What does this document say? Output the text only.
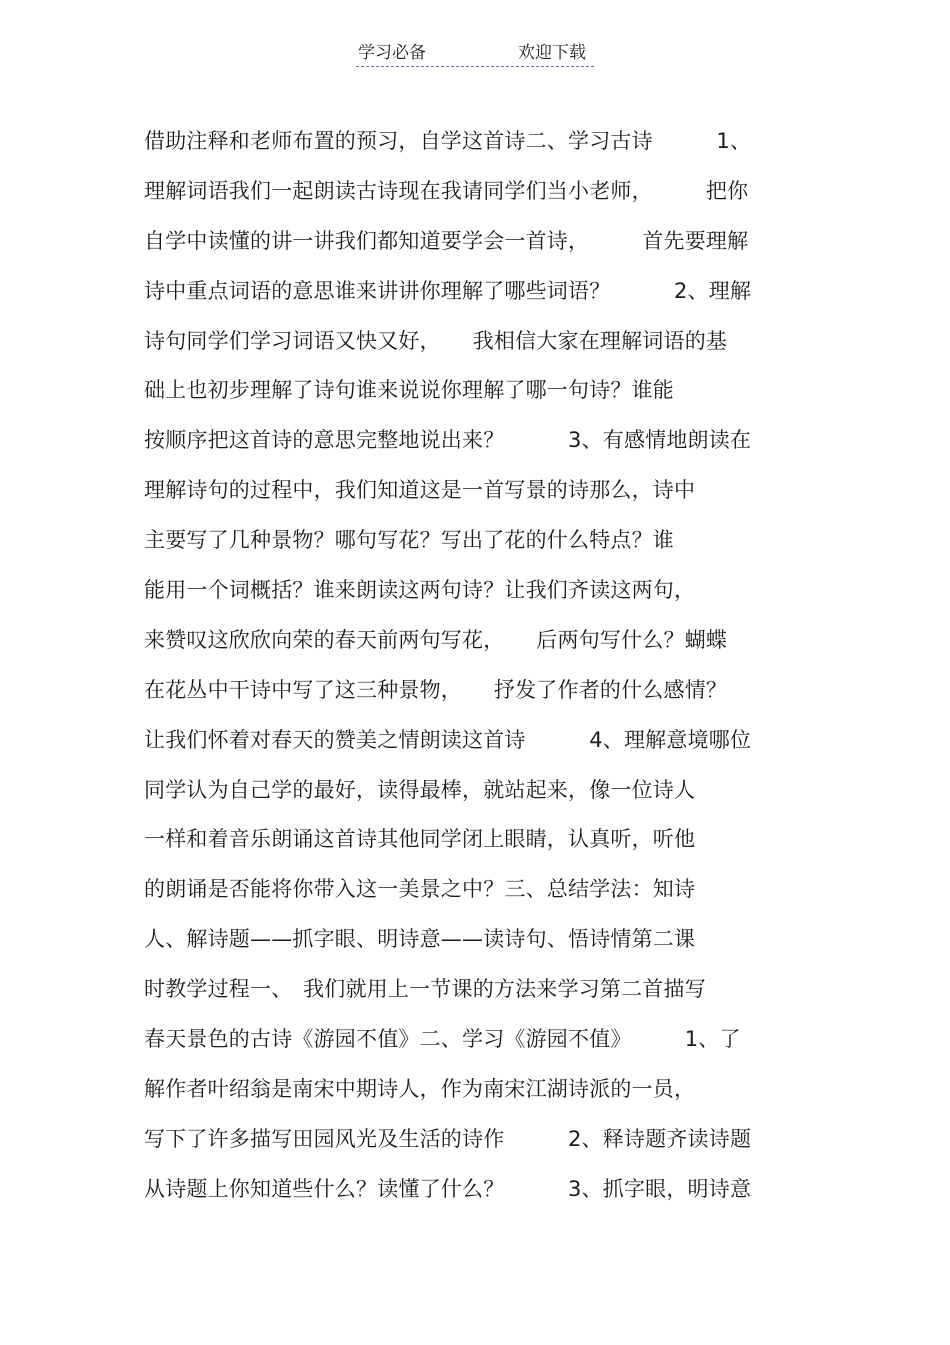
学习必备	欢迎下载
借助注释和老师布置的预习，自学这首诗二、学习古诗　　　1、
理解词语我们一起朗读古诗现在我请同学们当小老师，　　　把你
自学中读懂的讲一讲我们都知道要学会一首诗，　　　首先要理解
诗中重点词语的意思谁来讲讲你理解了哪些词语？　　　2、理解
诗句同学们学习词语又快又好，　　我相信大家在理解词语的基
础上也初步理解了诗句谁来说说你理解了哪一句诗？谁能
按顺序把这首诗的意思完整地说出来？　　　3、有感情地朗读在
理解诗句的过程中，我们知道这是一首写景的诗那么，诗中
主要写了几种景物？哪句写花？写出了花的什么特点？谁
能用一个词概括？谁来朗读这两句诗？让我们齐读这两句，
来赞叹这欣欣向荣的春天前两句写花，　　后两句写什么？蝴蝶
在花丛中干诗中写了这三种景物，　　抒发了作者的什么感情？
让我们怀着对春天的赞美之情朗读这首诗　　　4、理解意境哪位
同学认为自己学的最好，读得最棒，就站起来，像一位诗人
一样和着音乐朗诵这首诗其他同学闭上眼睛，认真听，听他
的朗诵是否能将你带入这一美景之中？三、总结学法：知诗
人、解诗题——抓字眼、明诗意——读诗句、悟诗情第二课
时教学过程一、　我们就用上一节课的方法来学习第二首描写
春天景色的古诗《游园不值》二、学习《游园不值》　　　1、了
解作者叶绍翁是南宋中期诗人，作为南宋江湖诗派的一员，
写下了许多描写田园风光及生活的诗作　　　2、释诗题齐读诗题
从诗题上你知道些什么？读懂了什么？　　　3、抓字眼，明诗意
